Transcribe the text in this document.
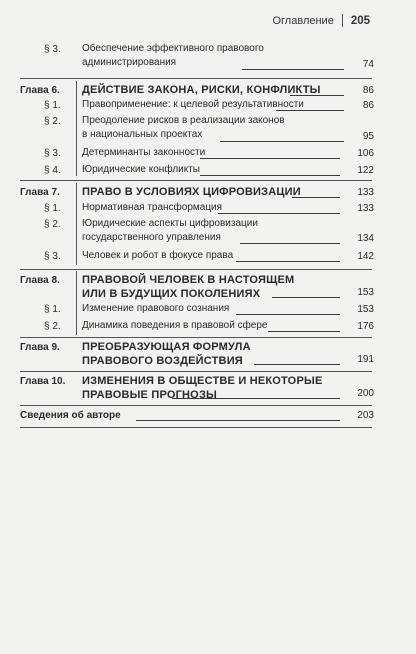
Оглавление 205
§ 3. Обеспечение эффективного правового
администрирования	74
Глава 6. ДЕЙСТВИЕ ЗАКОНА, РИСКИ, КОНФЛИКТЫ	86
§ 1. Правоприменение: к целевой результативности	86
§ 2. Преодоление рисков в реализации законов
в национальных проектах	95
§ 3. Детерминанты законности	106
§ 4. Юридические конфликты	122
Глава 7. ПРАВО В УСЛОВИЯХ ЦИФРОВИЗАЦИИ	133
§ 1. Нормативная трансформация	133
§ 2. Юридические аспекты цифровизации
государственного управления	134
§ 3. Человек и робот в фокусе права	142
Глава 8. ПРАВОВОЙ ЧЕЛОВЕК В НАСТОЯЩЕМ
ИЛИ В БУДУЩИХ ПОКОЛЕНИЯХ	153
§ 1. Изменение правового сознания	153
§ 2. Динамика поведения в правовой сфере	176
Глава 9. ПРЕОБРАЗУЮЩАЯ ФОРМУЛА
ПРАВОВОГО ВОЗДЕЙСТВИЯ	191
Глава 10. ИЗМЕНЕНИЯ В ОБЩЕСТВЕ И НЕКОТОРЫЕ
ПРАВОВЫЕ ПРОГНОЗЫ	200
Сведения об авторе	203
